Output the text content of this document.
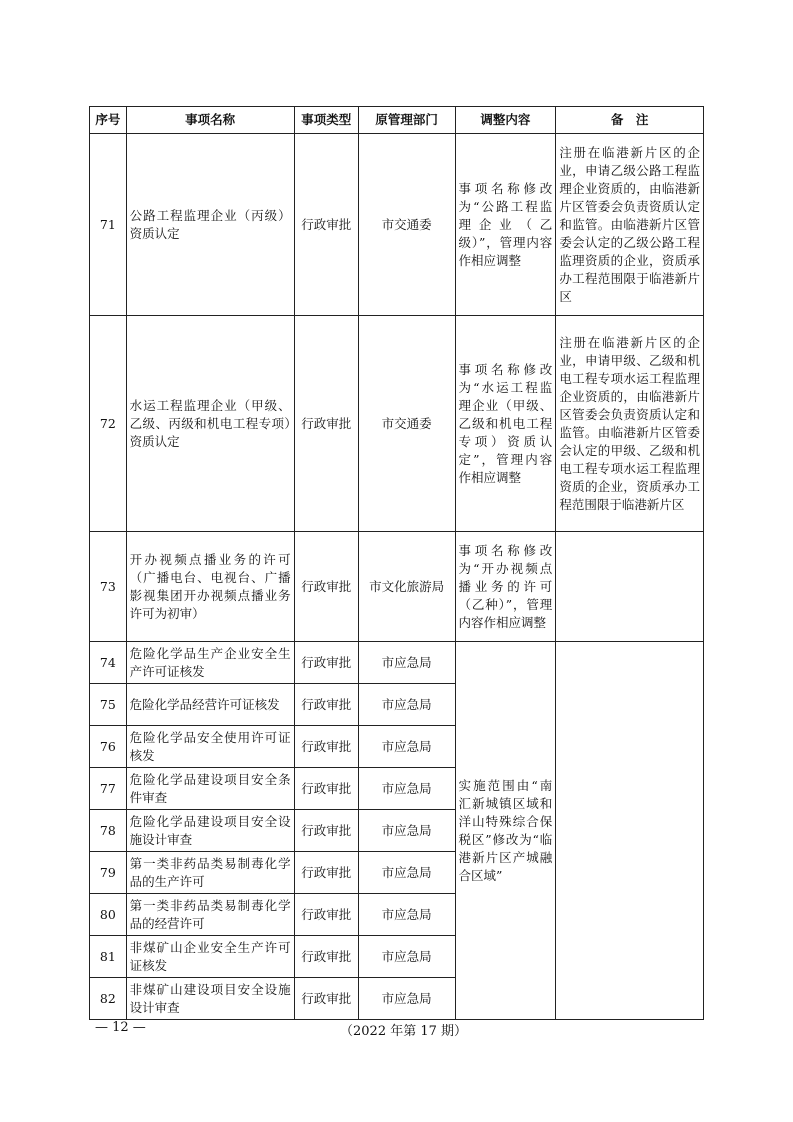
序号	事项名称	事项类型	原管理部门	调整内容	备　注
71	公路工程监理企业（丙级）资质认定	行政审批	市交通委	事项名称修改为“公路工程监理企业（乙级）”，管理内容作相应调整	注册在临港新片区的企业，申请乙级公路工程监理企业资质的，由临港新片区管委会负责资质认定和监管。由临港新片区管委会认定的乙级公路工程监理资质的企业，资质承办工程范围限于临港新片区
72	水运工程监理企业（甲级、乙级、丙级和机电工程专项）资质认定	行政审批	市交通委	事项名称修改为“水运工程监理企业（甲级、乙级和机电工程专项）资质认定”，管理内容作相应调整	注册在临港新片区的企业，申请甲级、乙级和机电工程专项水运工程监理企业资质的，由临港新片区管委会负责资质认定和监管。由临港新片区管委会认定的甲级、乙级和机电工程专项水运工程监理资质的企业，资质承办工程范围限于临港新片区
73	开办视频点播业务的许可（广播电台、电视台、广播影视集团开办视频点播业务许可为初审）	行政审批	市文化旅游局	事项名称修改为“开办视频点播业务的许可（乙种）”，管理内容作相应调整	
74	危险化学品生产企业安全生产许可证核发	行政审批	市应急局	实施范围由“南汇新城镇区域和洋山特殊综合保税区”修改为“临港新片区产城融合区域”	
75	危险化学品经营许可证核发	行政审批	市应急局		
76	危险化学品安全使用许可证核发	行政审批	市应急局		
77	危险化学品建设项目安全条件审查	行政审批	市应急局		
78	危险化学品建设项目安全设施设计审查	行政审批	市应急局		
79	第一类非药品类易制毒化学品的生产许可	行政审批	市应急局		
80	第一类非药品类易制毒化学品的经营许可	行政审批	市应急局		
81	非煤矿山企业安全生产许可证核发	行政审批	市应急局		
82	非煤矿山建设项目安全设施设计审查	行政审批	市应急局		
— 12 —	（2022 年第 17 期）
